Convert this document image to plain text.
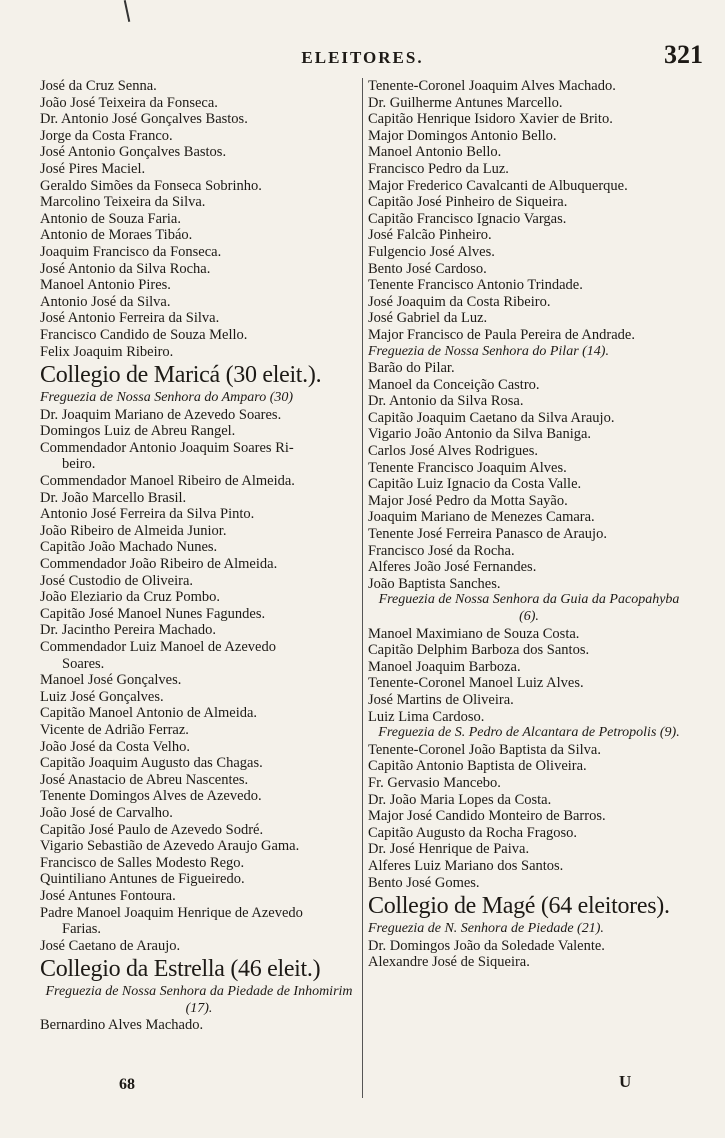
ELEITORES.	321
José da Cruz Senna.
João José Teixeira da Fonseca.
Dr. Antonio José Gonçalves Bastos.
Jorge da Costa Franco.
José Antonio Gonçalves Bastos.
José Pires Maciel.
Geraldo Simões da Fonseca Sobrinho.
Marcolino Teixeira da Silva.
Antonio de Souza Faria.
Antonio de Moraes Tibáo.
Joaquim Francisco da Fonseca.
José Antonio da Silva Rocha.
Manoel Antonio Pires.
Antonio José da Silva.
José Antonio Ferreira da Silva.
Francisco Candido de Souza Mello.
Felix Joaquim Ribeiro.
Collegio de Maricá (30 eleit.).
Freguezia de Nossa Senhora do Amparo (30)
Dr. Joaquim Mariano de Azevedo Soares.
Domingos Luiz de Abreu Rangel.
Commendador Antonio Joaquim Soares Ri-
beiro.
Commendador Manoel Ribeiro de Almeida.
Dr. João Marcello Brasil.
Antonio José Ferreira da Silva Pinto.
João Ribeiro de Almeida Junior.
Capitão João Machado Nunes.
Commendador João Ribeiro de Almeida.
José Custodio de Oliveira.
João Eleziario da Cruz Pombo.
Capitão José Manoel Nunes Fagundes.
Dr. Jacintho Pereira Machado.
Commendador Luiz Manoel de Azevedo
Soares.
Manoel José Gonçalves.
Luiz José Gonçalves.
Capitão Manoel Antonio de Almeida.
Vicente de Adrião Ferraz.
João José da Costa Velho.
Capitão Joaquim Augusto das Chagas.
José Anastacio de Abreu Nascentes.
Tenente Domingos Alves de Azevedo.
João José de Carvalho.
Capitão José Paulo de Azevedo Sodré.
Vigario Sebastião de Azevedo Araujo Gama.
Francisco de Salles Modesto Rego.
Quintiliano Antunes de Figueiredo.
José Antunes Fontoura.
Padre Manoel Joaquim Henrique de Azevedo
Farias.
José Caetano de Araujo.
Collegio da Estrella (46 eleit.)
Freguezia de Nossa Senhora da Piedade de Inhomirim (17).
Bernardino Alves Machado.
Tenente-Coronel Joaquim Alves Machado.
Dr. Guilherme Antunes Marcello.
Capitão Henrique Isidoro Xavier de Brito.
Major Domingos Antonio Bello.
Manoel Antonio Bello.
Francisco Pedro da Luz.
Major Frederico Cavalcanti de Albuquerque.
Capitão José Pinheiro de Siqueira.
Capitão Francisco Ignacio Vargas.
José Falcão Pinheiro.
Fulgencio José Alves.
Bento José Cardoso.
Tenente Francisco Antonio Trindade.
José Joaquim da Costa Ribeiro.
José Gabriel da Luz.
Major Francisco de Paula Pereira de Andrade.
Freguezia de Nossa Senhora do Pilar (14).
Barão do Pilar.
Manoel da Conceição Castro.
Dr. Antonio da Silva Rosa.
Capitão Joaquim Caetano da Silva Araujo.
Vigario João Antonio da Silva Baniga.
Carlos José Alves Rodrigues.
Tenente Francisco Joaquim Alves.
Capitão Luiz Ignacio da Costa Valle.
Major José Pedro da Motta Sayão.
Joaquim Mariano de Menezes Camara.
Tenente José Ferreira Panasco de Araujo.
Francisco José da Rocha.
Alferes João José Fernandes.
João Baptista Sanches.
Freguezia de Nossa Senhora da Guia da Pacopahyba (6).
Manoel Maximiano de Souza Costa.
Capitão Delphim Barboza dos Santos.
Manoel Joaquim Barboza.
Tenente-Coronel Manoel Luiz Alves.
José Martins de Oliveira.
Luiz Lima Cardoso.
Freguezia de S. Pedro de Alcantara de Petropolis (9).
Tenente-Coronel João Baptista da Silva.
Capitão Antonio Baptista de Oliveira.
Fr. Gervasio Mancebo.
Dr. João Maria Lopes da Costa.
Major José Candido Monteiro de Barros.
Capitão Augusto da Rocha Fragoso.
Dr. José Henrique de Paiva.
Alferes Luiz Mariano dos Santos.
Bento José Gomes.
Collegio de Magé (64 eleitores).
Freguezia de N. Senhora de Piedade (21).
Dr. Domingos João da Soledade Valente.
Alexandre José de Siqueira.
68	U
